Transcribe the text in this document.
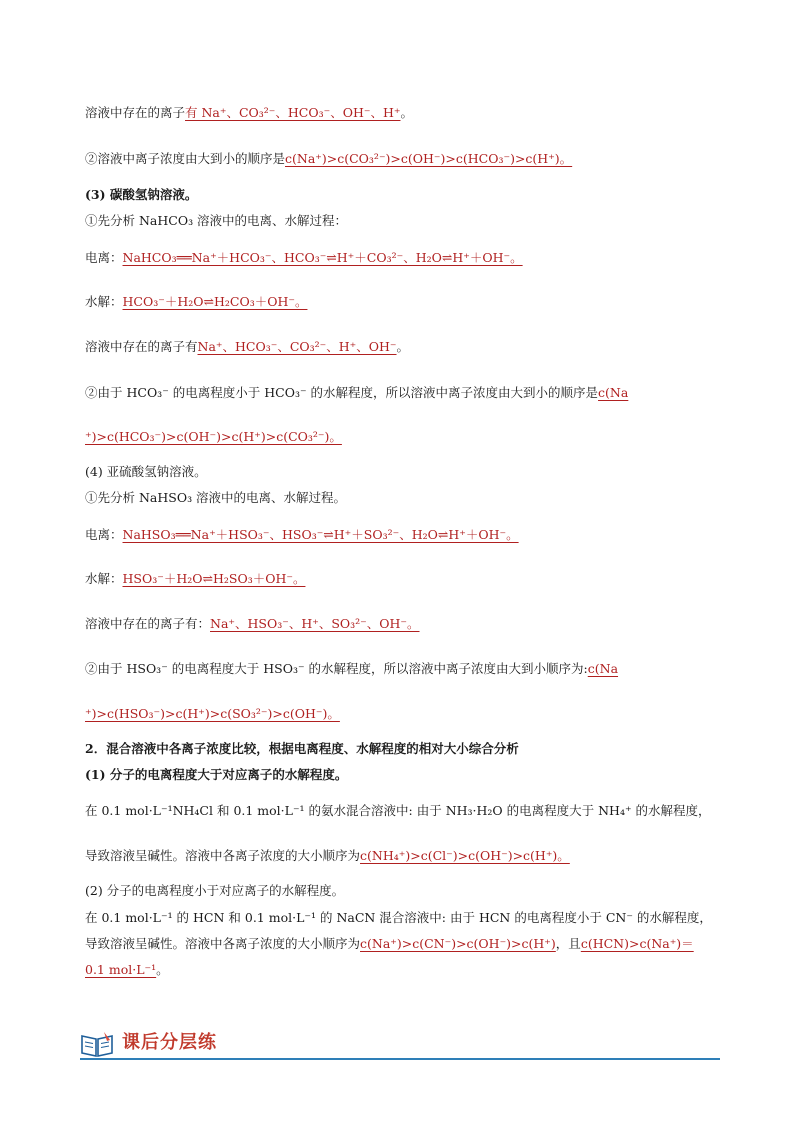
溶液中存在的离子有 Na⁺、CO₃²⁻、HCO₃⁻、OH⁻、H⁺。
②溶液中离子浓度由大到小的顺序是c(Na⁺)>c(CO₃²⁻)>c(OH⁻)>c(HCO₃⁻)>c(H⁺)。
(3) 碳酸氢钠溶液。
①先分析 NaHCO₃ 溶液中的电离、水解过程：
电离：NaHCO₃══Na⁺＋HCO₃⁻、HCO₃⁻⇌H⁺＋CO₃²⁻、H₂O⇌H⁺＋OH⁻。
水解：HCO₃⁻＋H₂O⇌H₂CO₃＋OH⁻。
溶液中存在的离子有Na⁺、HCO₃⁻、CO₃²⁻、H⁺、OH⁻。
②由于 HCO₃⁻ 的电离程度小于 HCO₃⁻ 的水解程度，所以溶液中离子浓度由大到小的顺序是c(Na
⁺)>c(HCO₃⁻)>c(OH⁻)>c(H⁺)>c(CO₃²⁻)。
(4) 亚硫酸氢钠溶液。
①先分析 NaHSO₃ 溶液中的电离、水解过程。
电离：NaHSO₃══Na⁺＋HSO₃⁻、HSO₃⁻⇌H⁺＋SO₃²⁻、H₂O⇌H⁺＋OH⁻。
水解：HSO₃⁻＋H₂O⇌H₂SO₃＋OH⁻。
溶液中存在的离子有：Na⁺、HSO₃⁻、H⁺、SO₃²⁻、OH⁻。
②由于 HSO₃⁻ 的电离程度大于 HSO₃⁻ 的水解程度，所以溶液中离子浓度由大到小顺序为:c(Na
⁺)>c(HSO₃⁻)>c(H⁺)>c(SO₃²⁻)>c(OH⁻)。
2．混合溶液中各离子浓度比较，根据电离程度、水解程度的相对大小综合分析
(1) 分子的电离程度大于对应离子的水解程度。
在 0.1 mol·L⁻¹NH₄Cl 和 0.1 mol·L⁻¹ 的氨水混合溶液中: 由于 NH₃·H₂O 的电离程度大于 NH₄⁺ 的水解程度，
导致溶液呈碱性。溶液中各离子浓度的大小顺序为c(NH₄⁺)>c(Cl⁻)>c(OH⁻)>c(H⁺)。
(2) 分子的电离程度小于对应离子的水解程度。
在 0.1 mol·L⁻¹ 的 HCN 和 0.1 mol·L⁻¹ 的 NaCN 混合溶液中: 由于 HCN 的电离程度小于 CN⁻ 的水解程度，
导致溶液呈碱性。溶液中各离子浓度的大小顺序为c(Na⁺)>c(CN⁻)>c(OH⁻)>c(H⁺)，且c(HCN)>c(Na⁺)＝
0.1 mol·L⁻¹。
课后分层练
